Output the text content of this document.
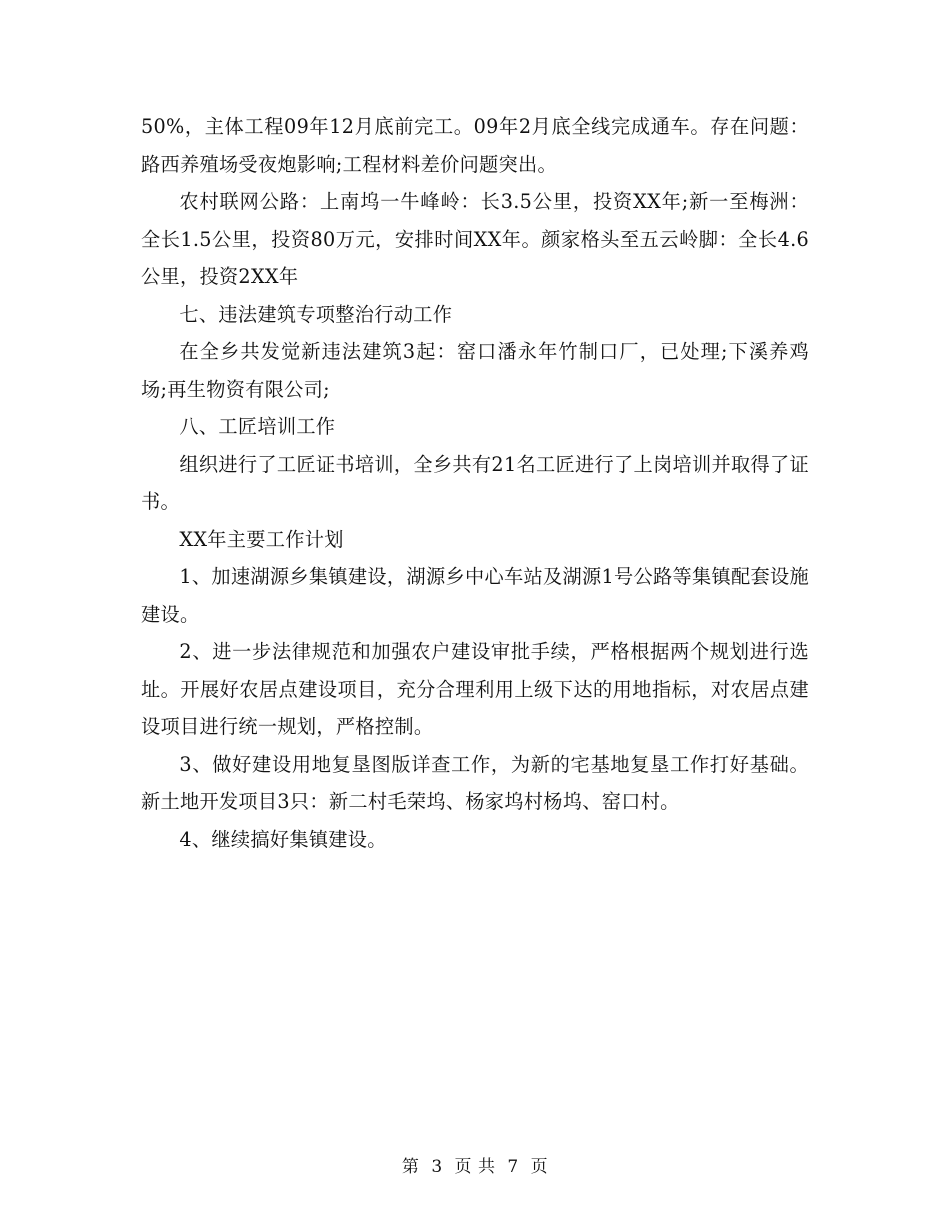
50%，主体工程09年12月底前完工。09年2月底全线完成通车。存在问题：路西养殖场受夜炮影响;工程材料差价问题突出。

农村联网公路：上南坞一牛峰岭：长3.5公里，投资XX年;新一至梅洲：全长1.5公里，投资80万元，安排时间XX年。颜家格头至五云岭脚：全长4.6公里，投资2XX年

七、违法建筑专项整治行动工作

在全乡共发觉新违法建筑3起：窑口潘永年竹制口厂，已处理;下溪养鸡场;再生物资有限公司;

八、工匠培训工作

组织进行了工匠证书培训，全乡共有21名工匠进行了上岗培训并取得了证书。

XX年主要工作计划

1、加速湖源乡集镇建设，湖源乡中心车站及湖源1号公路等集镇配套设施建设。

2、进一步法律规范和加强农户建设审批手续，严格根据两个规划进行选址。开展好农居点建设项目，充分合理利用上级下达的用地指标，对农居点建设项目进行统一规划，严格控制。

3、做好建设用地复垦图版详查工作，为新的宅基地复垦工作打好基础。新土地开发项目3只：新二村毛荣坞、杨家坞村杨坞、窑口村。

4、继续搞好集镇建设。

第 3 页 共 7 页
